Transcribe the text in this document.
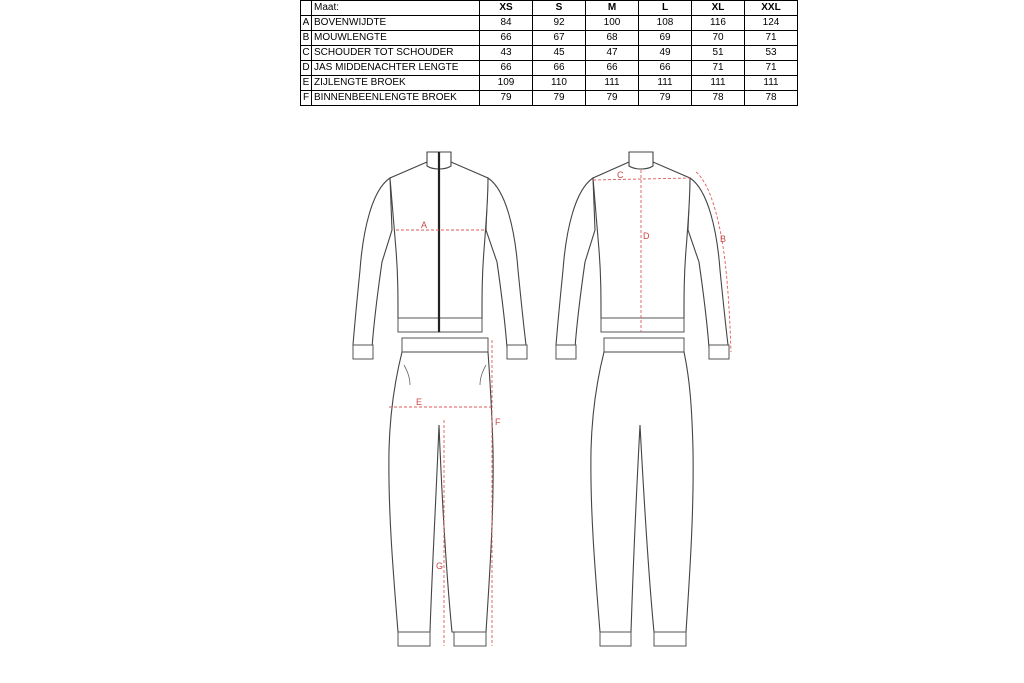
	Maat:	XS	S	M	L	XL	XXL
A	BOVENWIJDTE	84	92	100	108	116	124
B	MOUWLENGTE	66	67	68	69	70	71
C	SCHOUDER TOT SCHOUDER	43	45	47	49	51	53
D	JAS MIDDENACHTER LENGTE	66	66	66	66	71	71
E	ZIJLENGTE BROEK	109	110	111	111	111	111
F	BINNENBEENLENGTE BROEK	79	79	79	79	78	78
A
B
C
D
E
F
G
